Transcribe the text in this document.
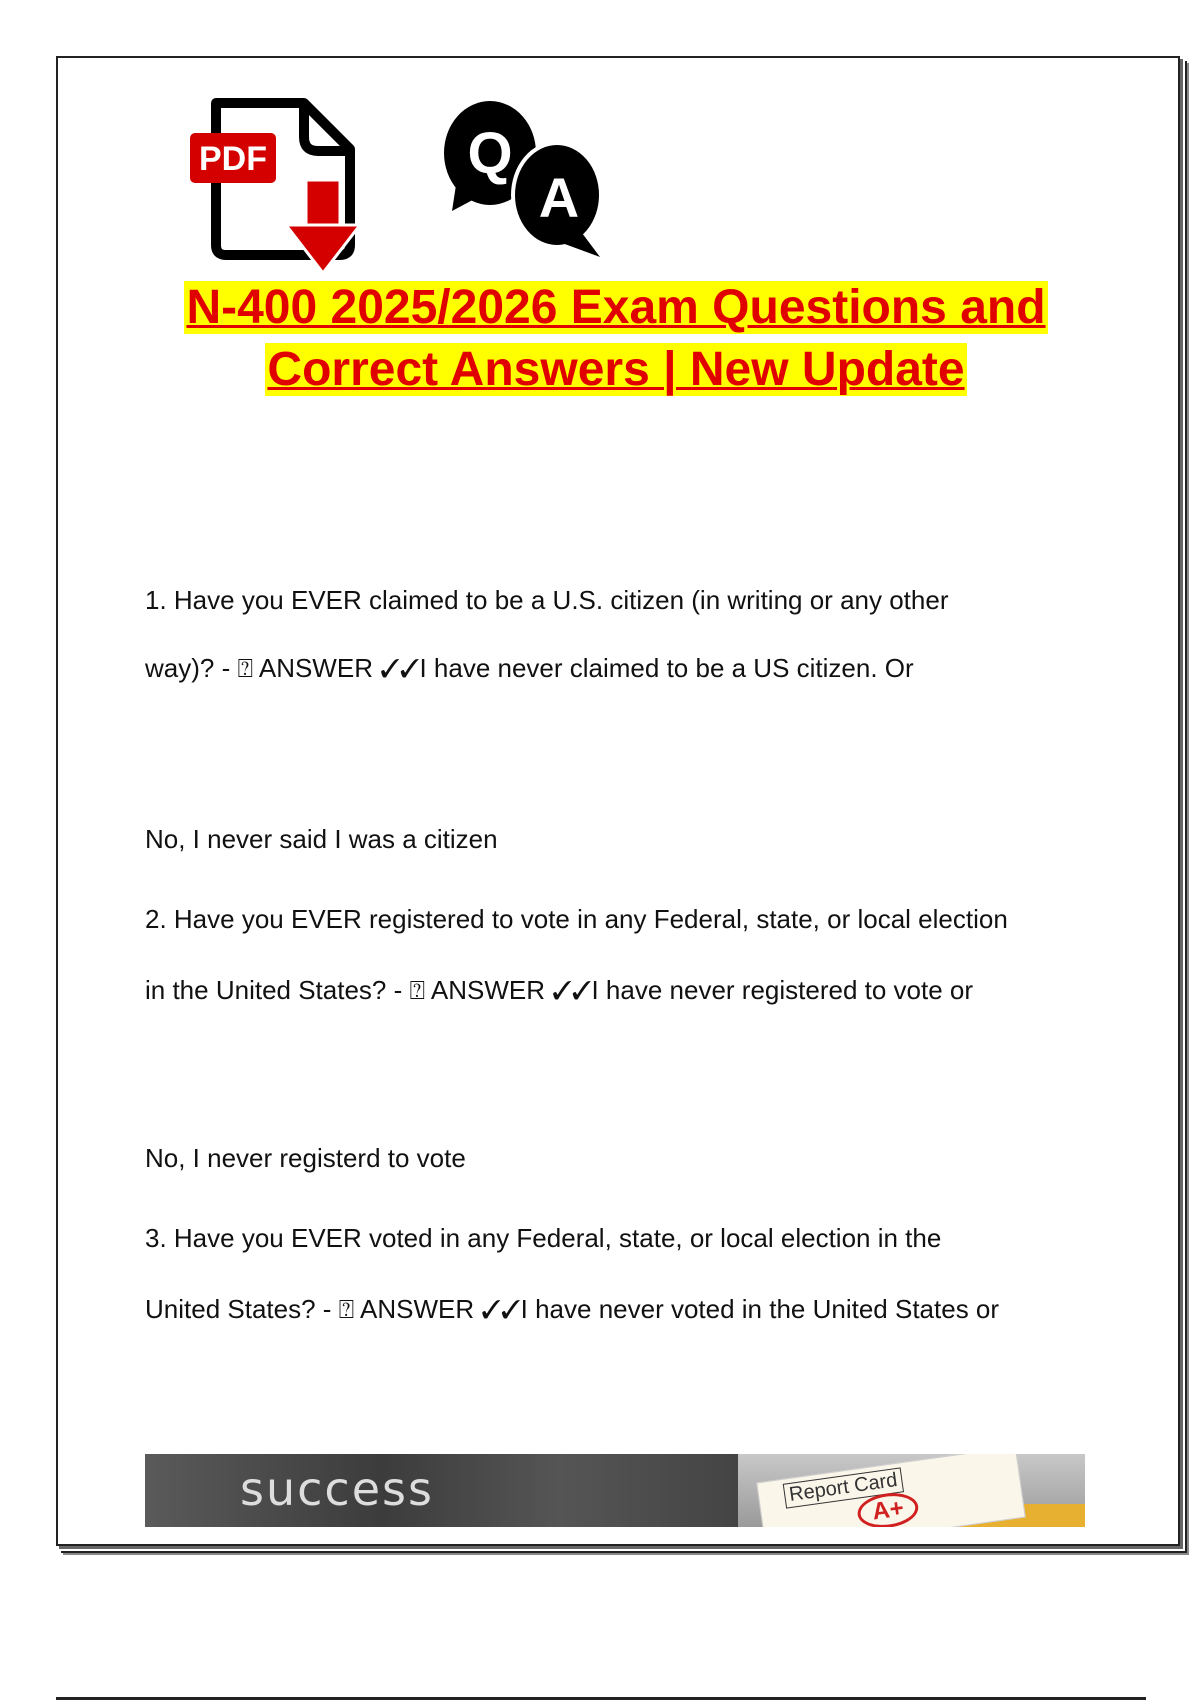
PDF	Q
A
N-400 2025/2026 Exam Questions and
Correct Answers | New Update
1. Have you EVER claimed to be a U.S. citizen (in writing or any other
way)? - ⍰ ANSWER ✓✓I have never claimed to be a US citizen. Or
No, I never said I was a citizen
2. Have you EVER registered to vote in any Federal, state, or local election
in the United States? - ⍰ ANSWER ✓✓I have never registered to vote or
No, I never registerd to vote
3. Have you EVER voted in any Federal, state, or local election in the
United States? - ⍰ ANSWER ✓✓I have never voted in the United States or
success	Report Card
A+
